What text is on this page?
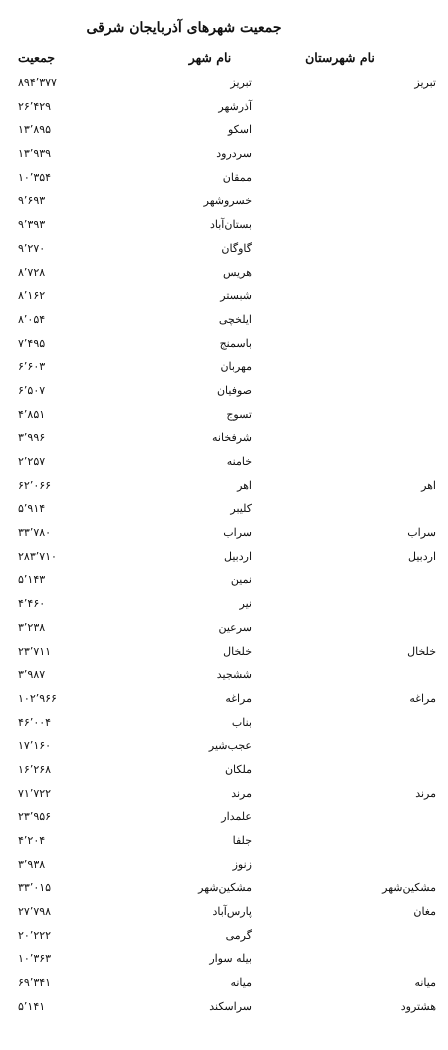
جمعیت شهرهای آذربایجان شرقی
جمعیت	نام شهر	نام شهرستان
۸۹۴٬۳۷۷	تبریز	تبریز
۲۶٬۴۲۹	آذرشهر
۱۳٬۸۹۵	اسکو
۱۳٬۹۳۹	سردرود
۱۰٬۳۵۴	ممقان
۹٬۶۹۳	خسروشهر
۹٬۳۹۳	بستان‌آباد
۹٬۲۷۰	گاوگان
۸٬۷۲۸	هریس
۸٬۱۶۲	شبستر
۸٬۰۵۴	ایلخچی
۷٬۴۹۵	باسمنج
۶٬۶۰۳	مهربان
۶٬۵۰۷	صوفیان
۴٬۸۵۱	تسوج
۳٬۹۹۶	شرفخانه
۲٬۲۵۷	خامنه
۶۲٬۰۶۶	اهر	اهر
۵٬۹۱۴	کلیبر
۳۳٬۷۸۰	سراب	سراب
۲۸۳٬۷۱۰	اردبیل	اردبیل
۵٬۱۴۳	نمین
۴٬۴۶۰	نیر
۳٬۲۳۸	سرعین
۲۳٬۷۱۱	خلخال	خلخال
۳٬۹۸۷	ششجید
۱۰۲٬۹۶۶	مراغه	مراغه
۴۶٬۰۰۴	بناب
۱۷٬۱۶۰	عجب‌شیر
۱۶٬۲۶۸	ملکان
۷۱٬۷۲۲	مرند	مرند
۲۳٬۹۵۶	علمدار
۴٬۲۰۴	جلفا
۳٬۹۳۸	زنوز
۳۳٬۰۱۵	مشکین‌شهر	مشکین‌شهر
۲۷٬۷۹۸	پارس‌آباد	مغان
۲۰٬۲۲۲	گرمی
۱۰٬۳۶۳	بیله سوار
۶۹٬۳۴۱	میانه	میانه
۵٬۱۴۱	سراسکند	هشترود
